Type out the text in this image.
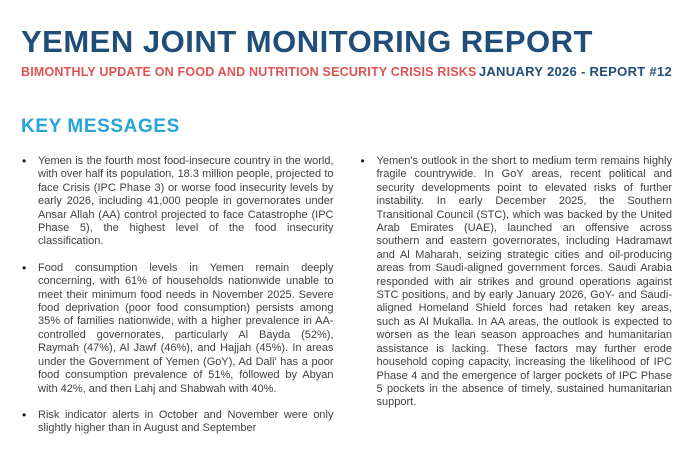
YEMEN JOINT MONITORING REPORT
BIMONTHLY UPDATE ON FOOD AND NUTRITION SECURITY CRISIS RISKS JANUARY 2026 - REPORT #12
KEY MESSAGES
• Yemen is the fourth most food-insecure country in the world, with over half its population, 18.3 million people, projected to face Crisis (IPC Phase 3) or worse food insecurity levels by early 2026, including 41,000 people in governorates under Ansar Allah (AA) control projected to face Catastrophe (IPC Phase 5), the highest level of the food insecurity classification.
• Food consumption levels in Yemen remain deeply concerning, with 61% of households nationwide unable to meet their minimum food needs in November 2025. Severe food deprivation (poor food consumption) persists among 35% of families nationwide, with a higher prevalence in AA-controlled governorates, particularly Al Bayda (52%), Raymah (47%), Al Jawf (46%), and Hajjah (45%). In areas under the Government of Yemen (GoY), Ad Dali' has a poor food consumption prevalence of 51%, followed by Abyan with 42%, and then Lahj and Shabwah with 40%.
• Risk indicator alerts in October and November were only slightly higher than in August and September
• Yemen's outlook in the short to medium term remains highly fragile countrywide. In GoY areas, recent political and security developments point to elevated risks of further instability. In early December 2025, the Southern Transitional Council (STC), which was backed by the United Arab Emirates (UAE), launched an offensive across southern and eastern governorates, including Hadramawt and Al Maharah, seizing strategic cities and oil-producing areas from Saudi-aligned government forces. Saudi Arabia responded with air strikes and ground operations against STC positions, and by early January 2026, GoY- and Saudi-aligned Homeland Shield forces had retaken key areas, such as Al Mukalla. In AA areas, the outlook is expected to worsen as the lean season approaches and humanitarian assistance is lacking. These factors may further erode household coping capacity, increasing the likelihood of IPC Phase 4 and the emergence of larger pockets of IPC Phase 5 pockets in the absence of timely, sustained humanitarian support.
